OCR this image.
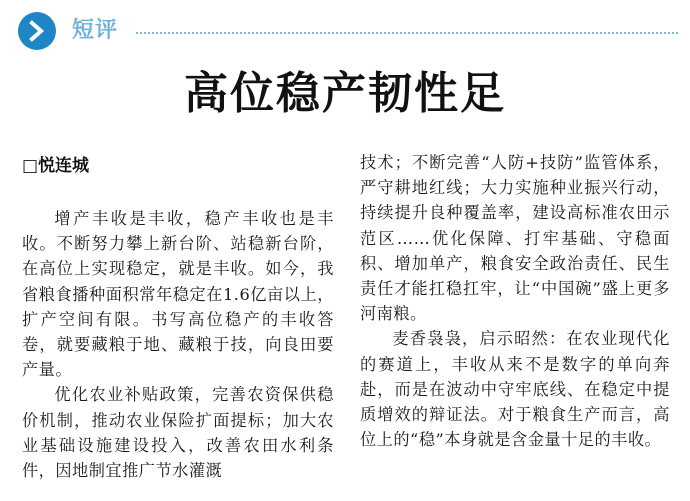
短评
高位稳产韧性足
□悦连城

增产丰收是丰收，稳产丰收也是丰收。不断努力攀上新台阶、站稳新台阶，在高位上实现稳定，就是丰收。如今，我省粮食播种面积常年稳定在1.6亿亩以上，扩产空间有限。书写高位稳产的丰收答卷，就要藏粮于地、藏粮于技，向良田要产量。

优化农业补贴政策，完善农资保供稳价机制，推动农业保险扩面提标；加大农业基础设施建设投入，改善农田水利条件，因地制宜推广节水灌溉

技术；不断完善“人防+技防”监管体系，严守耕地红线；大力实施种业振兴行动，持续提升良种覆盖率，建设高标准农田示范区……优化保障、打牢基础、守稳面积、增加单产，粮食安全政治责任、民生责任才能扛稳扛牢，让“中国碗”盛上更多河南粮。

麦香袅袅，启示昭然：在农业现代化的赛道上，丰收从来不是数字的单向奔赴，而是在波动中守牢底线、在稳定中提质增效的辩证法。对于粮食生产而言，高位上的“稳”本身就是含金量十足的丰收。
